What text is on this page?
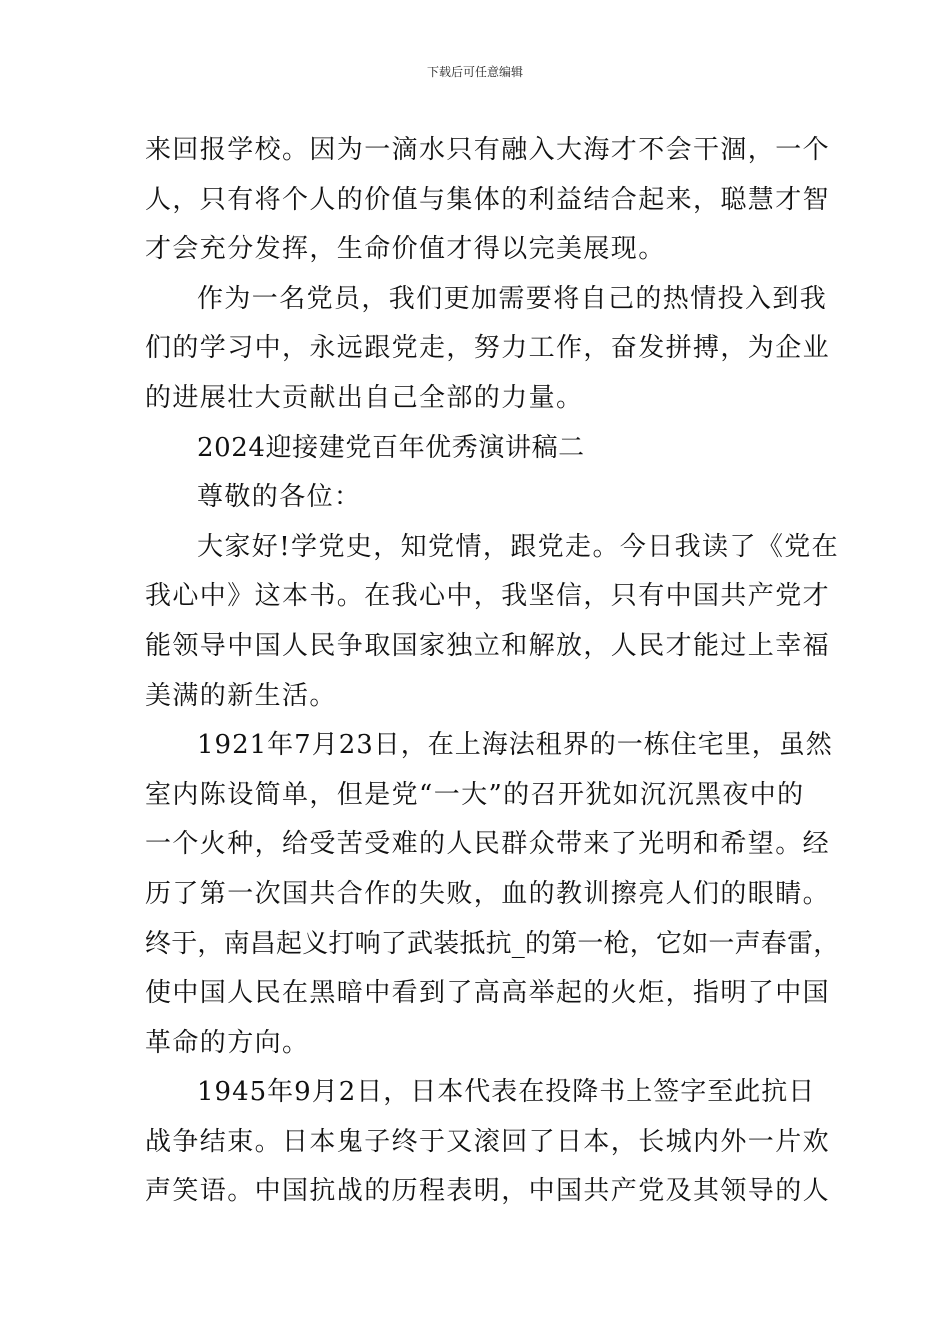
下载后可任意编辑

来回报学校。因为一滴水只有融入大海才不会干涸，一个
人，只有将个人的价值与集体的利益结合起来，聪慧才智
才会充分发挥，生命价值才得以完美展现。

作为一名党员，我们更加需要将自己的热情投入到我
们的学习中，永远跟党走，努力工作，奋发拼搏，为企业
的进展壮大贡献出自己全部的力量。

2024迎接建党百年优秀演讲稿二

尊敬的各位：

大家好!学党史，知党情，跟党走。今日我读了《党在
我心中》这本书。在我心中，我坚信，只有中国共产党才
能领导中国人民争取国家独立和解放，人民才能过上幸福
美满的新生活。

1921年7月23日，在上海法租界的一栋住宅里，虽然
室内陈设简单，但是党“一大”的召开犹如沉沉黑夜中的
一个火种，给受苦受难的人民群众带来了光明和希望。经
历了第一次国共合作的失败，血的教训擦亮人们的眼睛。
终于，南昌起义打响了武装抵抗_的第一枪，它如一声春雷，
使中国人民在黑暗中看到了高高举起的火炬，指明了中国
革命的方向。

1945年9月2日，日本代表在投降书上签字至此抗日
战争结束。日本鬼子终于又滚回了日本，长城内外一片欢
声笑语。中国抗战的历程表明，中国共产党及其领导的人
